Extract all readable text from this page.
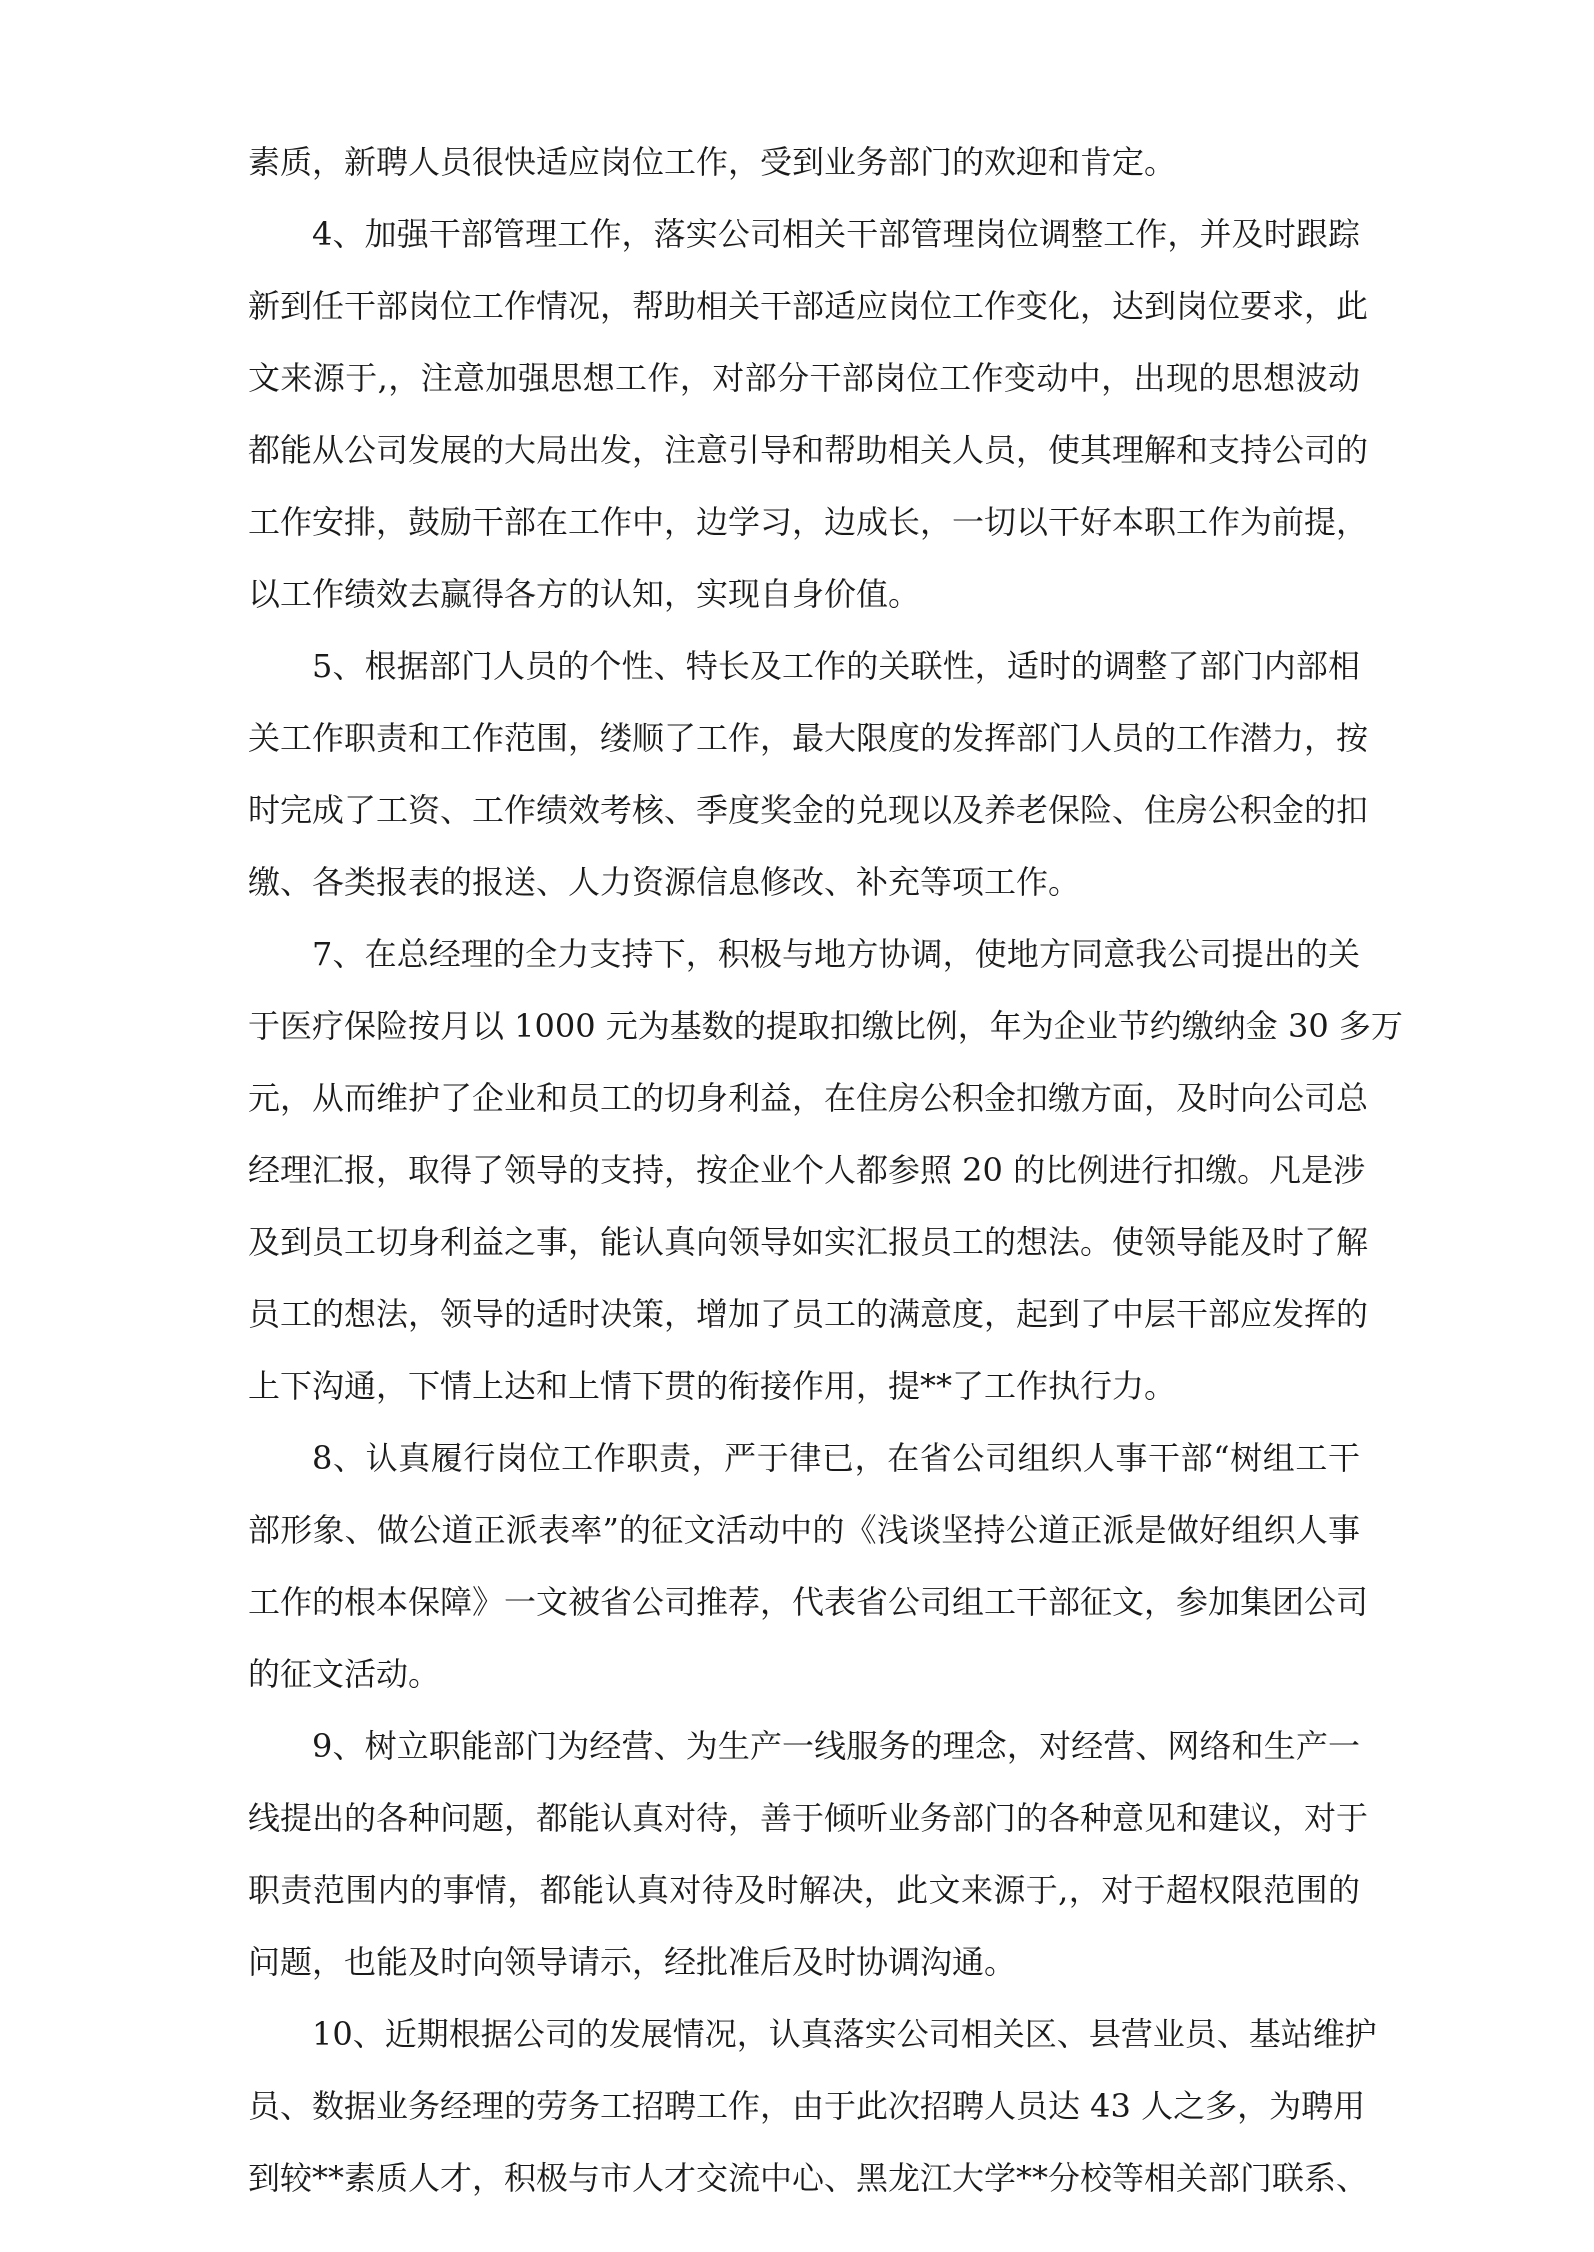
素质，新聘人员很快适应岗位工作，受到业务部门的欢迎和肯定。
4、加强干部管理工作，落实公司相关干部管理岗位调整工作，并及时跟踪
新到任干部岗位工作情况，帮助相关干部适应岗位工作变化，达到岗位要求，此
文来源于,，注意加强思想工作，对部分干部岗位工作变动中，出现的思想波动
都能从公司发展的大局出发，注意引导和帮助相关人员，使其理解和支持公司的
工作安排，鼓励干部在工作中，边学习，边成长，一切以干好本职工作为前提，
以工作绩效去赢得各方的认知，实现自身价值。
5、根据部门人员的个性、特长及工作的关联性，适时的调整了部门内部相
关工作职责和工作范围，缕顺了工作，最大限度的发挥部门人员的工作潜力，按
时完成了工资、工作绩效考核、季度奖金的兑现以及养老保险、住房公积金的扣
缴、各类报表的报送、人力资源信息修改、补充等项工作。
7、在总经理的全力支持下，积极与地方协调，使地方同意我公司提出的关
于医疗保险按月以 1000 元为基数的提取扣缴比例，年为企业节约缴纳金 30 多万
元，从而维护了企业和员工的切身利益，在住房公积金扣缴方面，及时向公司总
经理汇报，取得了领导的支持，按企业个人都参照 20 的比例进行扣缴。凡是涉
及到员工切身利益之事，能认真向领导如实汇报员工的想法。使领导能及时了解
员工的想法，领导的适时决策，增加了员工的满意度，起到了中层干部应发挥的
上下沟通，下情上达和上情下贯的衔接作用，提**了工作执行力。
8、认真履行岗位工作职责，严于律已，在省公司组织人事干部“树组工干
部形象、做公道正派表率”的征文活动中的《浅谈坚持公道正派是做好组织人事
工作的根本保障》一文被省公司推荐，代表省公司组工干部征文，参加集团公司
的征文活动。
9、树立职能部门为经营、为生产一线服务的理念，对经营、网络和生产一
线提出的各种问题，都能认真对待，善于倾听业务部门的各种意见和建议，对于
职责范围内的事情，都能认真对待及时解决，此文来源于,，对于超权限范围的
问题，也能及时向领导请示，经批准后及时协调沟通。
10、近期根据公司的发展情况，认真落实公司相关区、县营业员、基站维护
员、数据业务经理的劳务工招聘工作，由于此次招聘人员达 43 人之多，为聘用
到较**素质人才，积极与市人才交流中心、黑龙江大学**分校等相关部门联系、
